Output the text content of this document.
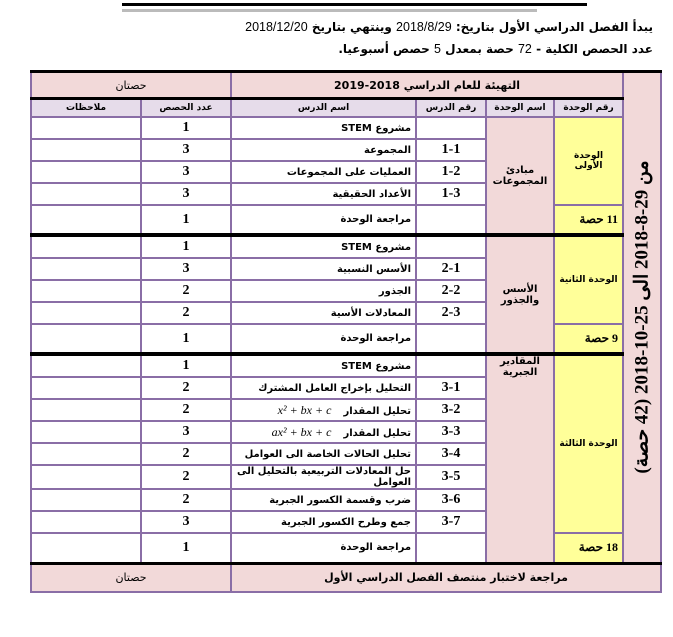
يبدأ الفصل الدراسي الأول بتاريخ: 2018/8/29 وينتهي بتاريخ 2018/12/20
عدد الحصص الكلية - 72 حصة بمعدل 5 حصص أسبوعيا.
من 29-8-2018 الى 25-10-2018 (42 حصة)	التهيئة للعام الدراسي 2018-2019				حصتان	
	رقم الوحدة	اسم الوحدة	رقم الدرس	اسم الدرس	عدد الحصص	ملاحظات
	الوحدة الأولى	مبادئ المجموعات		مشروع STEM	1	
			1-1	المجموعة	3	
			1-2	العمليات على المجموعات	3	
			1-3	الأعداد الحقيقية	3	
	11 حصة			مراجعة الوحدة	1	
	الوحدة الثانية	الأسس والجذور		مشروع STEM	1	
			2-1	الأسس النسبية	3	
			2-2	الجذور	2	
			2-3	المعادلات الأسية	2	
	9 حصة			مراجعة الوحدة	1	
	الوحدة الثالثة	المقادير الجبرية		مشروع STEM	1	
			3-1	التحليل بإخراج العامل المشترك	2	
			3-2	تحليل المقدارx² + bx + c	2	
			3-3	تحليل المقدارax² + bx + c	3	
			3-4	تحليل الحالات الخاصة الى العوامل	2	
			3-5	حل المعادلات التربيعية بالتحليل الى العوامل	2	
			3-6	ضرب وقسمة الكسور الجبرية	2	
			3-7	جمع وطرح الكسور الجبرية	3	
	18 حصة			مراجعة الوحدة	1	
مراجعة لاختبار منتصف الفصل الدراسي الأول					حصتان	
